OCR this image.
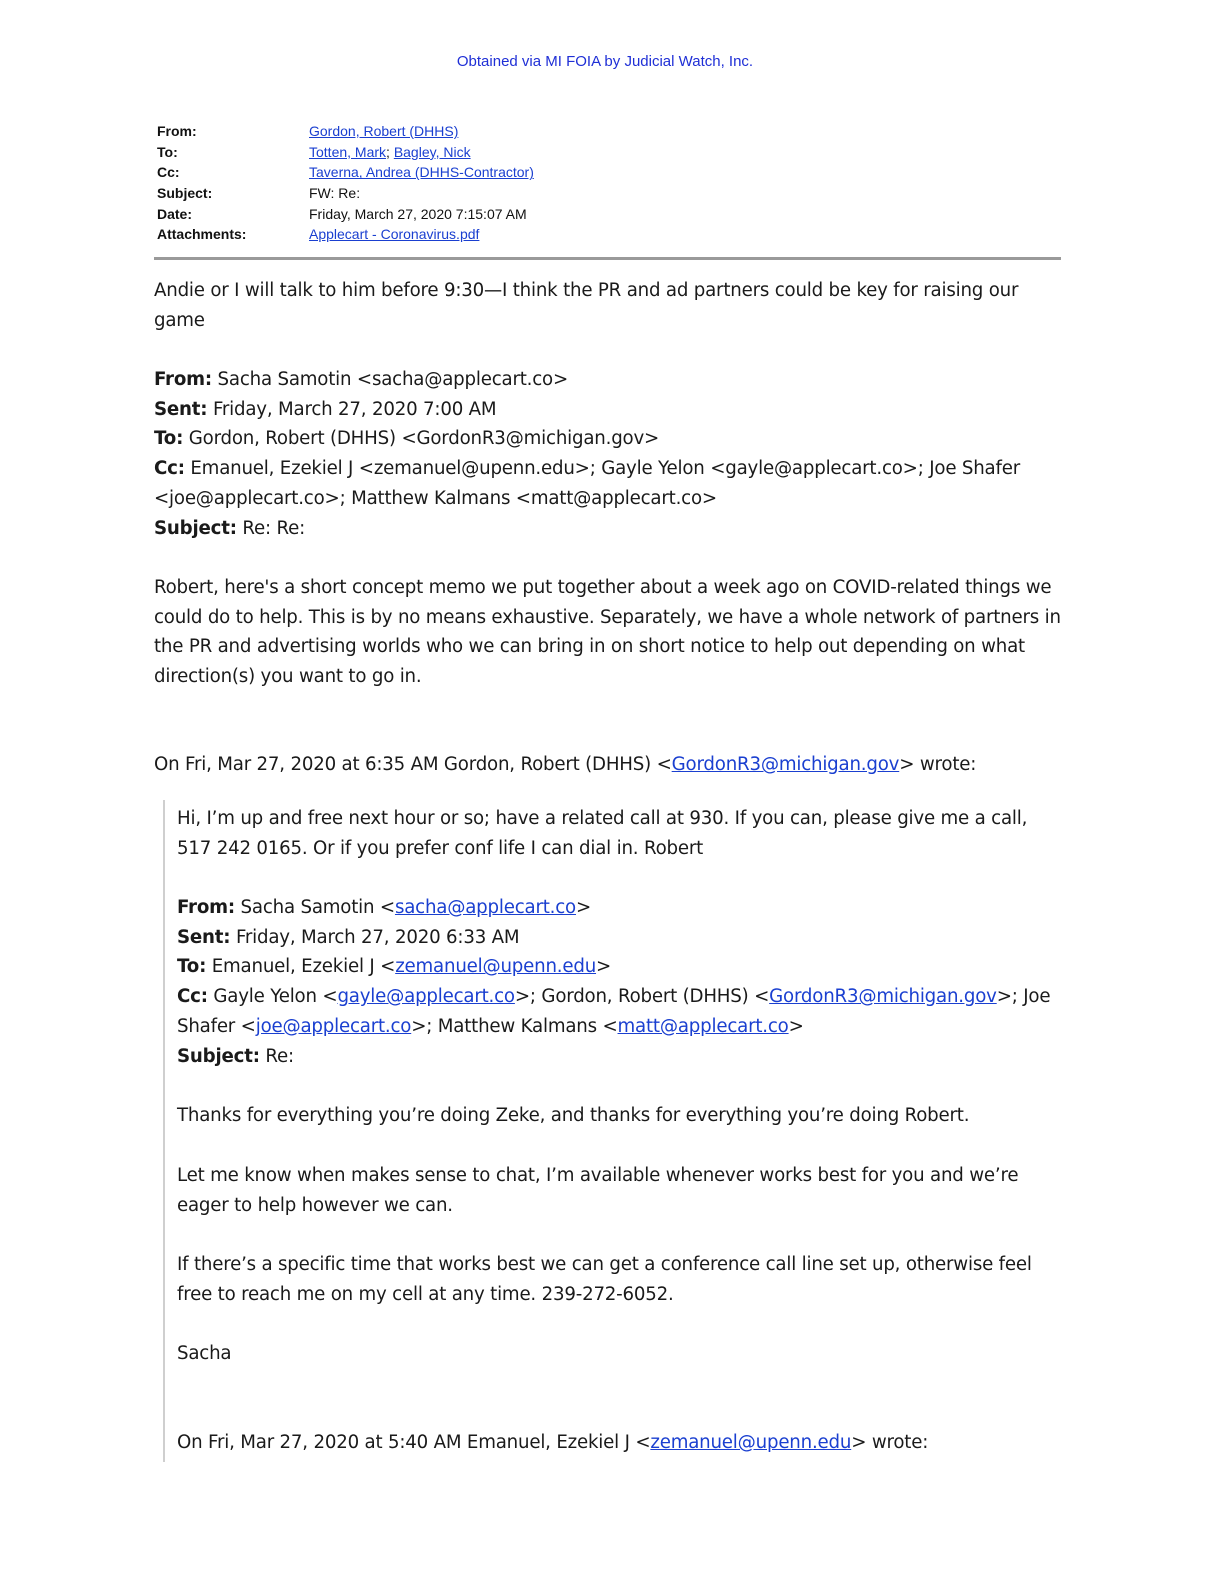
Obtained via MI FOIA by Judicial Watch, Inc.
From:	Gordon, Robert (DHHS)
To:	Totten, Mark; Bagley, Nick
Cc:	Taverna, Andrea (DHHS-Contractor)
Subject:	FW: Re:
Date:	Friday, March 27, 2020 7:15:07 AM
Attachments:	Applecart - Coronavirus.pdf

Andie or I will talk to him before 9:30—I think the PR and ad partners could be key for raising our

game

From: Sacha Samotin <sacha@applecart.co>

Sent: Friday, March 27, 2020 7:00 AM

To: Gordon, Robert (DHHS) <GordonR3@michigan.gov>

Cc: Emanuel, Ezekiel J <zemanuel@upenn.edu>; Gayle Yelon <gayle@applecart.co>; Joe Shafer

<joe@applecart.co>; Matthew Kalmans <matt@applecart.co>

Subject: Re: Re:

Robert, here's a short concept memo we put together about a week ago on COVID-related things we

could do to help. This is by no means exhaustive. Separately, we have a whole network of partners in

the PR and advertising worlds who we can bring in on short notice to help out depending on what

direction(s) you want to go in.

On Fri, Mar 27, 2020 at 6:35 AM Gordon, Robert (DHHS) <GordonR3@michigan.gov> wrote:

Hi, I’m up and free next hour or so; have a related call at 930. If you can, please give me a call,

517 242 0165. Or if you prefer conf life I can dial in. Robert

From: Sacha Samotin <sacha@applecart.co>

Sent: Friday, March 27, 2020 6:33 AM

To: Emanuel, Ezekiel J <zemanuel@upenn.edu>

Cc: Gayle Yelon <gayle@applecart.co>; Gordon, Robert (DHHS) <GordonR3@michigan.gov>; Joe

Shafer <joe@applecart.co>; Matthew Kalmans <matt@applecart.co>

Subject: Re:

Thanks for everything you’re doing Zeke, and thanks for everything you’re doing Robert.

Let me know when makes sense to chat, I’m available whenever works best for you and we’re

eager to help however we can.

If there’s a specific time that works best we can get a conference call line set up, otherwise feel

free to reach me on my cell at any time. 239-272-6052.

Sacha

On Fri, Mar 27, 2020 at 5:40 AM Emanuel, Ezekiel J <zemanuel@upenn.edu> wrote:
